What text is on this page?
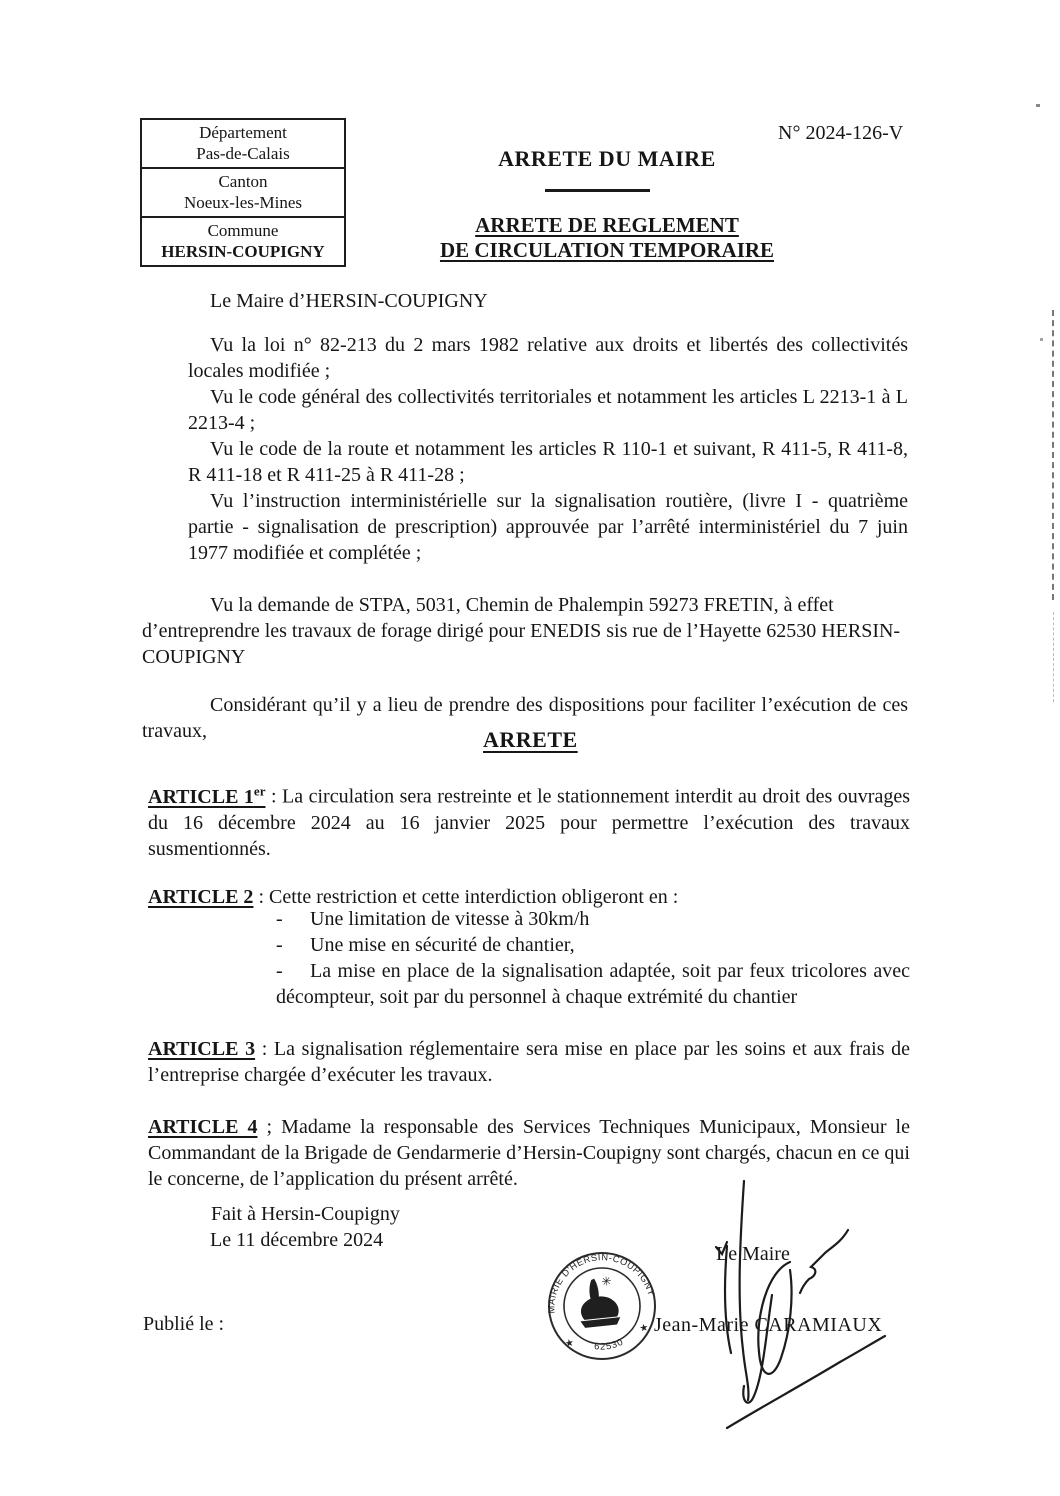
Département
Pas-de-Calais
Canton
Noeux-les-Mines
Commune
HERSIN-COUPIGNY
N° 2024-126-V
ARRETE DU MAIRE
ARRETE DE REGLEMENT
DE CIRCULATION TEMPORAIRE
Le Maire d’HERSIN-COUPIGNY

Vu la loi n° 82-213 du 2 mars 1982 relative aux droits et libertés des collectivités locales modifiée ;

Vu le code général des collectivités territoriales et notamment les articles L 2213-1 à L 2213-4 ;

Vu le code de la route et notamment les articles R 110-1 et suivant, R 411-5, R 411-8, R 411-18 et R 411-25 à R 411-28 ;

Vu l’instruction interministérielle sur la signalisation routière, (livre I - quatrième partie - signalisation de prescription) approuvée par l’arrêté interministériel du 7 juin 1977 modifiée et complétée ;

Vu la demande de STPA, 5031, Chemin de Phalempin 59273 FRETIN, à effet d’entreprendre les travaux de forage dirigé pour ENEDIS sis rue de l’Hayette 62530 HERSIN-COUPIGNY
Considérant qu’il y a lieu de prendre des dispositions pour faciliter l’exécution de ces travaux,	ARRETE
ARTICLE 1er : La circulation sera restreinte et le stationnement interdit au droit des ouvrages du 16 décembre 2024 au 16 janvier 2025 pour permettre l’exécution des travaux susmentionnés.
ARTICLE 2 : Cette restriction et cette interdiction obligeront en :

- Une limitation de vitesse à 30km/h

- Une mise en sécurité de chantier,

- La mise en place de la signalisation adaptée, soit par feux tricolores avec décompteur, soit par du personnel à chaque extrémité du chantier

ARTICLE 3 : La signalisation réglementaire sera mise en place par les soins et aux frais de l’entreprise chargée d’exécuter les travaux.
ARTICLE 4 ; Madame la responsable des Services Techniques Municipaux, Monsieur le Commandant de la Brigade de Gendarmerie d’Hersin-Coupigny sont chargés, chacun en ce qui le concerne, de l’application du présent arrêté.
Fait à Hersin-Coupigny
Le 11 décembre 2024
Publié le :
Le Maire
Jean-Marie CARAMIAUX
MAIRIE D'HERSIN-COUPIGNY
62530
★
★
✳
